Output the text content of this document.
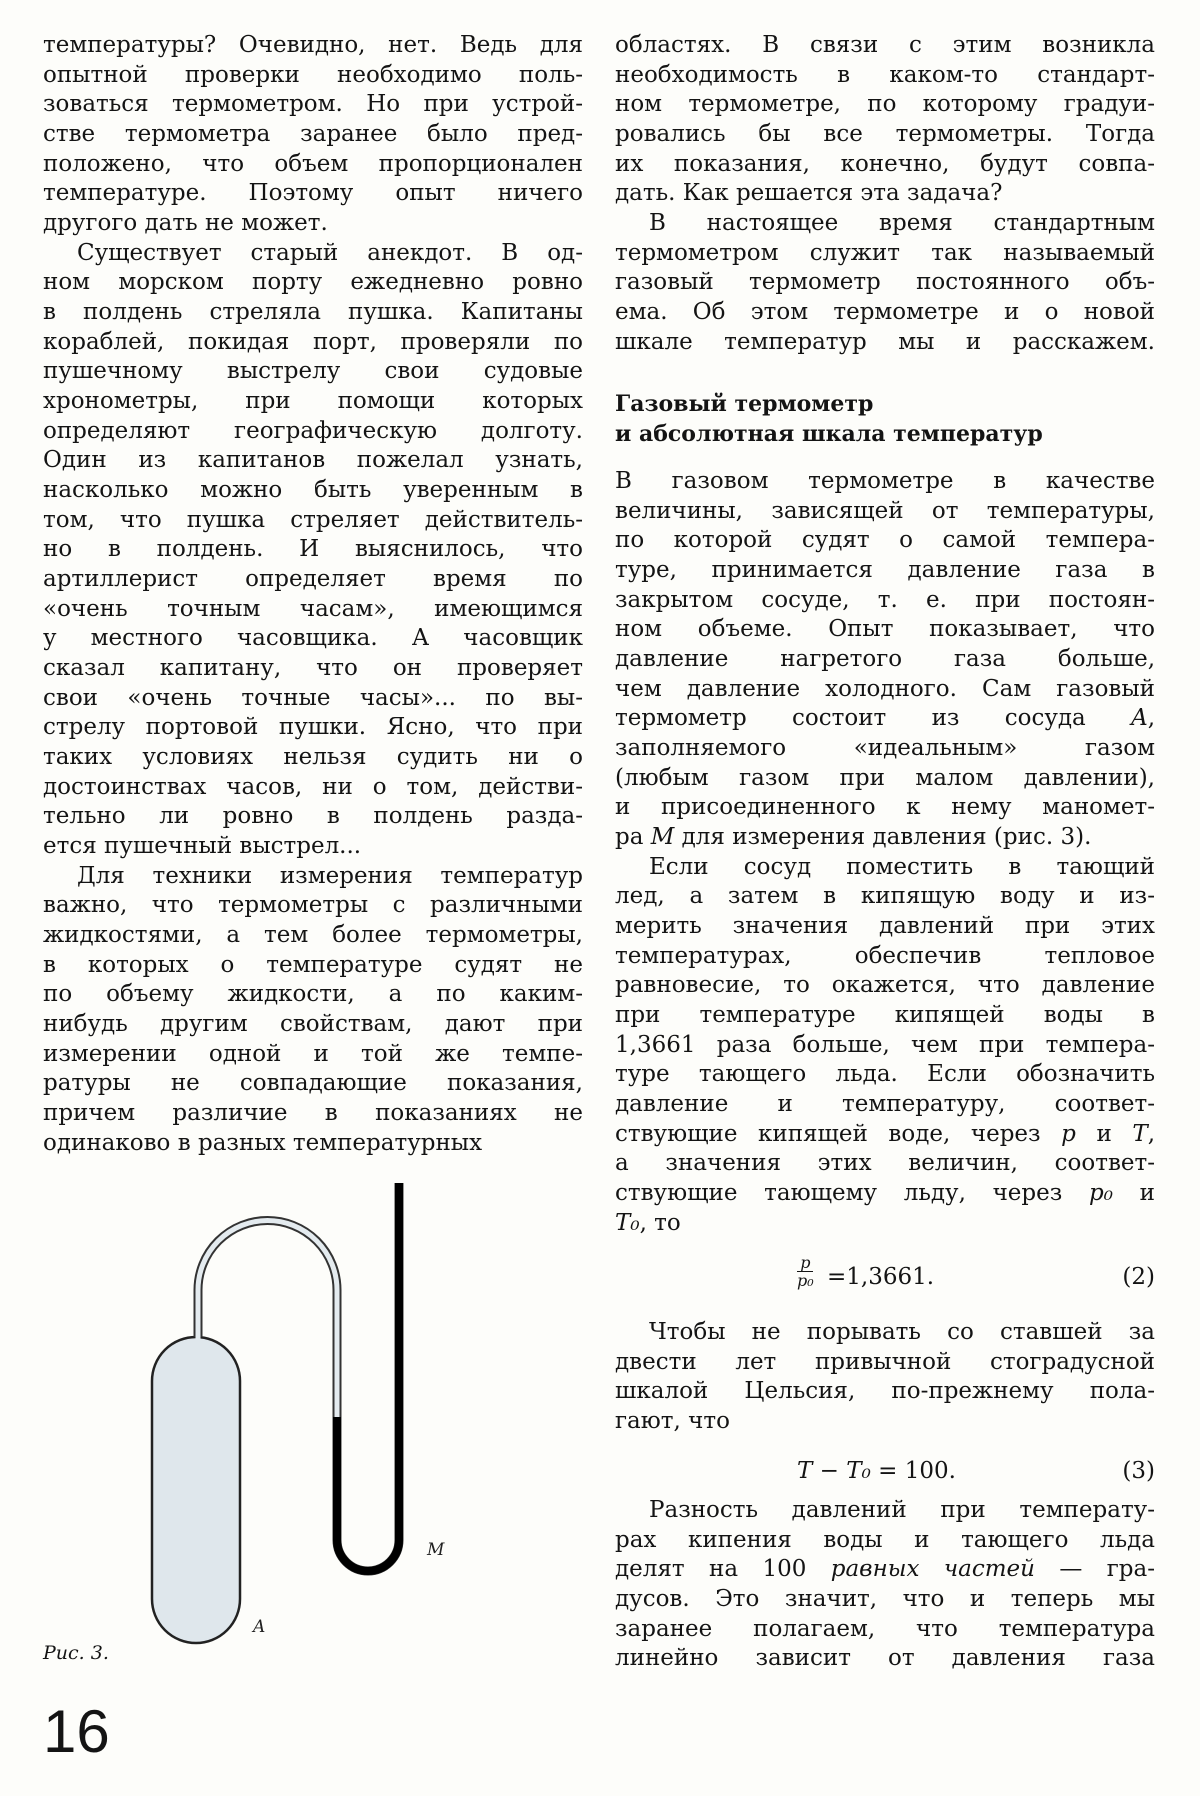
температуры? Очевидно, нет. Ведь для
опытной проверки необходимо поль-
зоваться термометром. Но при устрой-
стве термометра заранее было пред-
положено, что объем пропорционален
температуре. Поэтому опыт ничего
другого дать не может.
Существует старый анекдот. В од-
ном морском порту ежедневно ровно
в полдень стреляла пушка. Капитаны
кораблей, покидая порт, проверяли по
пушечному выстрелу свои судовые
хронометры, при помощи которых
определяют географическую долготу.
Один из капитанов пожелал узнать,
насколько можно быть уверенным в
том, что пушка стреляет действитель-
но в полдень. И выяснилось, что
артиллерист определяет время по
«очень точным часам», имеющимся
у местного часовщика. А часовщик
сказал капитану, что он проверяет
свои «очень точные часы»... по вы-
стрелу портовой пушки. Ясно, что при
таких условиях нельзя судить ни о
достоинствах часов, ни о том, действи-
тельно ли ровно в полдень разда-
ется пушечный выстрел...
Для техники измерения температур
важно, что термометры с различными
жидкостями, а тем более термометры,
в которых о температуре судят не
по объему жидкости, а по каким-
нибудь другим свойствам, дают при
измерении одной и той же темпе-
ратуры не совпадающие показания,
причем различие в показаниях не
одинаково в разных температурных
$\frac{p}{\text{p₀}} =1,3661$.	(2)
T − T₀ = 100.	(3)
областях. В связи с этим возникла
необходимость в каком-то стандарт-
ном термометре, по которому градуи-
ровались бы все термометры. Тогда
их показания, конечно, будут совпа-
дать. Как решается эта задача?
В настоящее время стандартным
термометром служит так называемый
газовый термометр постоянного объ-
ема. Об этом термометре и о новой
шкале температур мы и расскажем.
Газовый термометр
и абсолютная шкала температур
В газовом термометре в качестве
величины, зависящей от температуры,
по которой судят о самой темпера-
туре, принимается давление газа в
закрытом сосуде, т. е. при постоян-
ном объеме. Опыт показывает, что
давление нагретого газа больше,
чем давление холодного. Сам газовый
термометр состоит из сосуда A,
заполняемого «идеальным» газом
(любым газом при малом давлении),
и присоединенного к нему маномет-
ра M для измерения давления (рис. 3).
Если сосуд поместить в тающий
лед, а затем в кипящую воду и из-
мерить значения давлений при этих
температурах, обеспечив тепловое
равновесие, то окажется, что давление
при температуре кипящей воды в
1,3661 раза больше, чем при темпера-
туре тающего льда. Если обозначить
давление и температуру, соответ-
ствующие кипящей воде, через p и T,
а значения этих величин, соответ-
ствующие тающему льду, через p₀ и
T₀, то
Чтобы не порывать со ставшей за
двести лет привычной стоградусной
шкалой Цельсия, по-прежнему пола-
гают, что
Разность давлений при температу-
рах кипения воды и тающего льда
делят на 100 равных частей — гра-
дусов. Это значит, что и теперь мы
заранее полагаем, что температура
линейно зависит от давления газа
A
M
Рис. 3.
16
